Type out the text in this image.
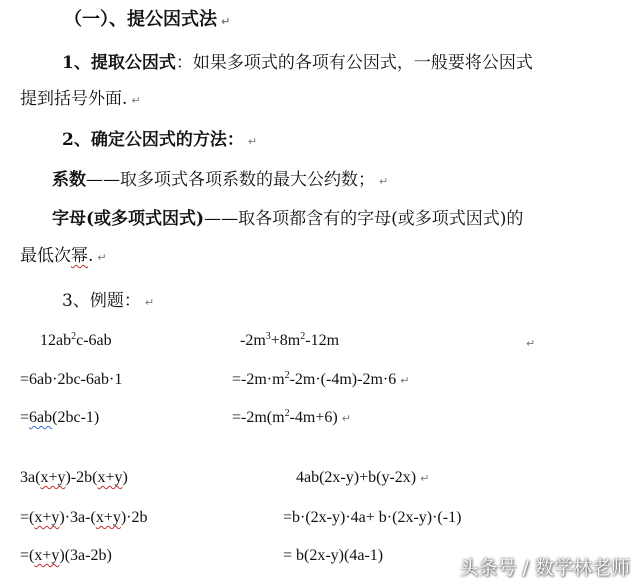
（一）、提公因式法 ↵
1、提取公因式：如果多项式的各项有公因式，一般要将公因式
提到括号外面. ↵
2、确定公因式的方法： ↵
系数——取多项式各项系数的最大公约数； ↵
字母(或多项式因式)——取各项都含有的字母(或多项式因式)的
最低次幂. ↵
3、例题： ↵
$12ab^2c-6ab$
=6ab·2bc-6ab·1
=6ab(2bc-1)
$-2m^3+8m^2-12m$	↵
$=-2m\cdot m^2-2m\cdot(-4m)-2m\cdot 6$ ↵
$=-2m(m^2-4m+6)$ ↵
3a(x+y)-2b(x+y)
=(x+y)·3a-(x+y)·2b
=(x+y)(3a-2b)
4ab(2x-y)+b(y-2x) ↵
=b·(2x-y)·4a+ b·(2x-y)·(-1)
= b(2x-y)(4a-1)
头条号 / 数学林老师
